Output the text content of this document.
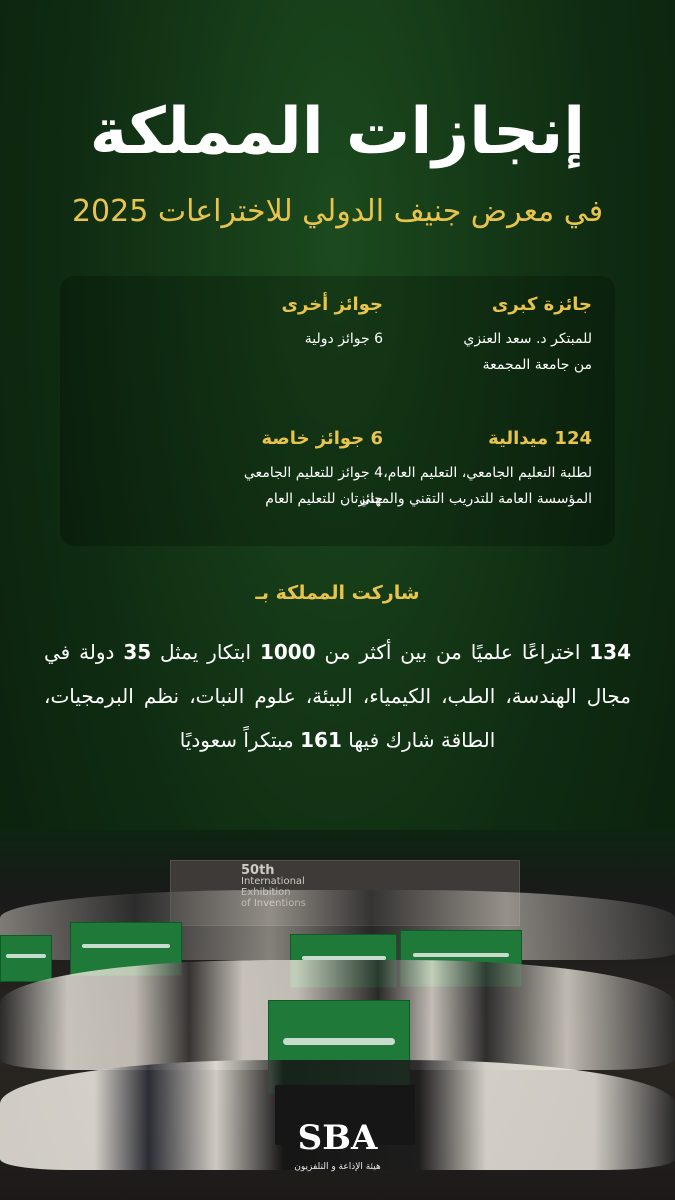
إنجازات المملكة
في معرض جنيف الدولي للاختراعات 2025
جائزة كبرى

للمبتكر د. سعد العنزي

من جامعة المجمعة

جوائز أخرى

6 جوائز دولية

124 ميدالية

لطلبة التعليم الجامعي، التعليم العام،

المؤسسة العامة للتدريب التقني والمهني

6 جوائز خاصة

4 جوائز للتعليم الجامعي

جائزتان للتعليم العام

شاركت المملكة بـ
134 اختراعًا علميًا من بين أكثر من 1000 ابتكار يمثل 35 دولة في مجال الهندسة، الطب، الكيمياء، البيئة، علوم النبات، نظم البرمجيات، الطاقة شارك فيها 161 مبتكراً سعوديًا
50th
International
SBA
هيئة الإذاعة و التلفزيون
